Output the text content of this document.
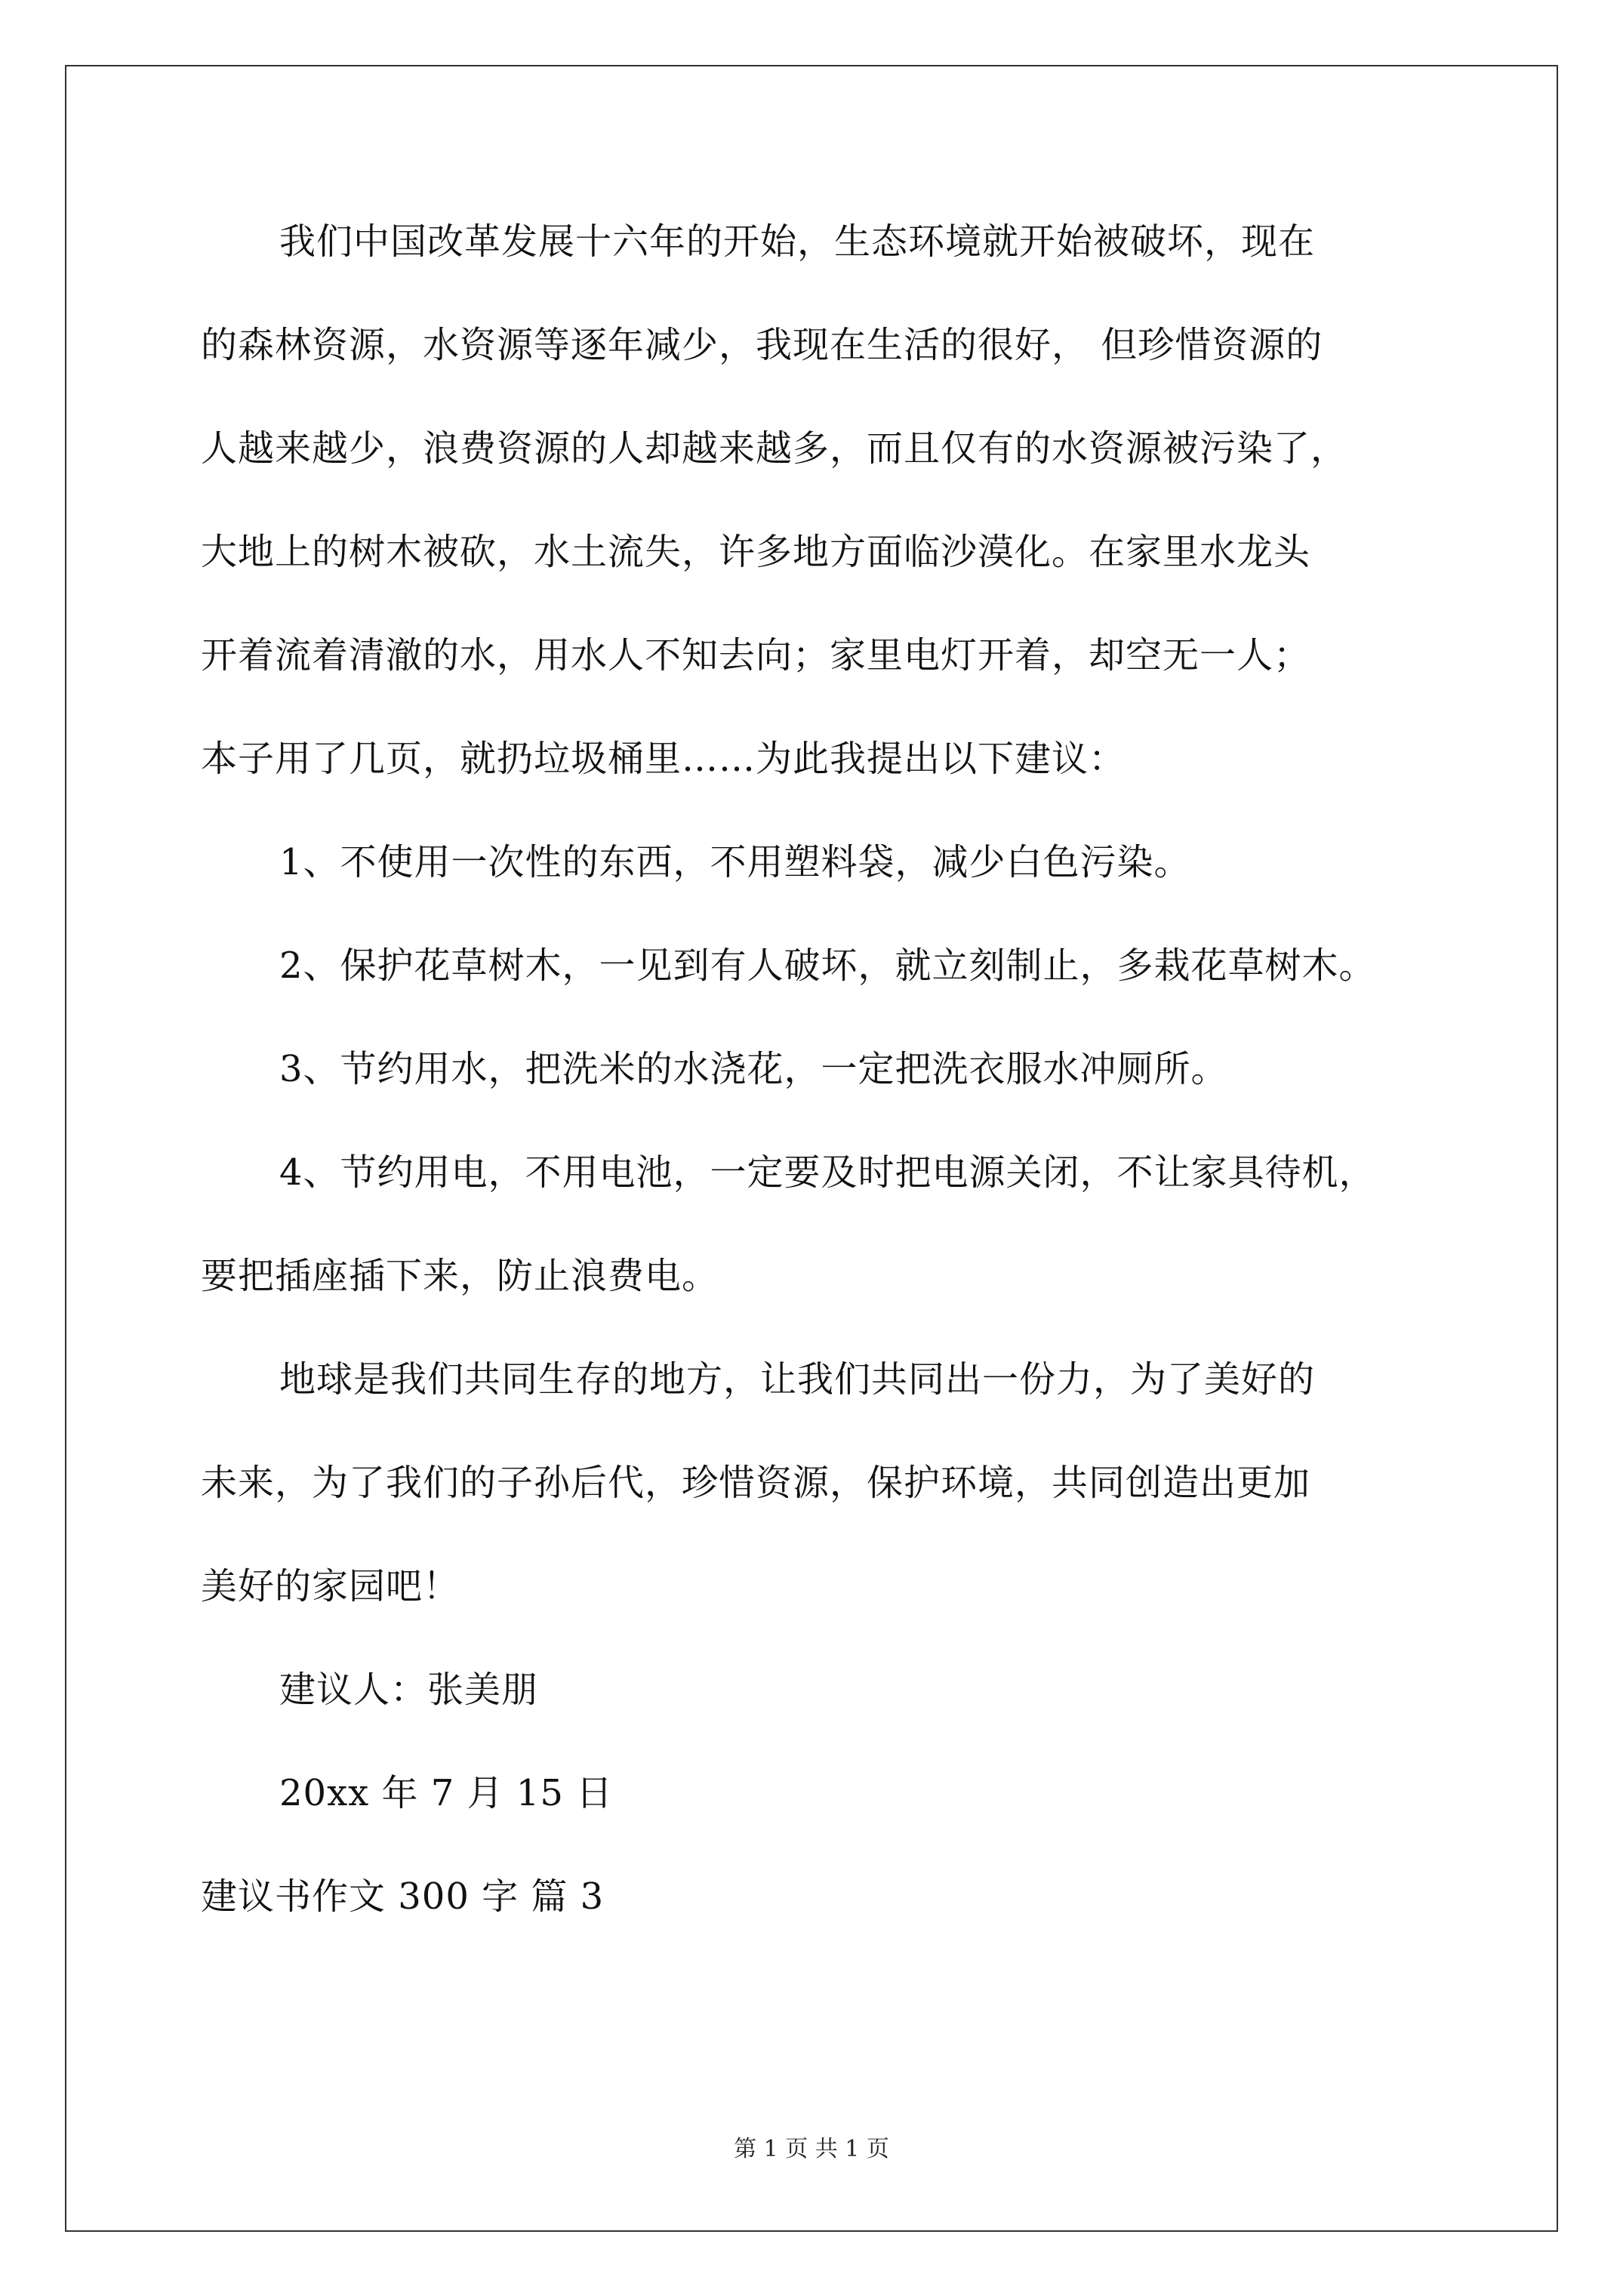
我们中国改革发展十六年的开始，生态环境就开始被破坏，现在
的森林资源，水资源等逐年减少，我现在生活的很好， 但珍惜资源的
人越来越少，浪费资源的人却越来越多，而且仅有的水资源被污染了，
大地上的树木被砍，水土流失，许多地方面临沙漠化。在家里水龙头
开着流着清澈的水，用水人不知去向；家里电灯开着，却空无一人；
本子用了几页，就扔垃圾桶里……为此我提出以下建议：
1、不使用一次性的东西，不用塑料袋，减少白色污染。
2、保护花草树木，一见到有人破坏，就立刻制止，多栽花草树木。
3、节约用水，把洗米的水浇花，一定把洗衣服水冲厕所。
4、节约用电，不用电池，一定要及时把电源关闭，不让家具待机，
要把插座插下来，防止浪费电。
地球是我们共同生存的地方，让我们共同出一份力，为了美好的
未来，为了我们的子孙后代，珍惜资源，保护环境，共同创造出更加
美好的家园吧！
建议人：张美朋
20xx 年 7 月 15 日
建议书作文 300 字 篇 3
第 1 页 共 1 页
